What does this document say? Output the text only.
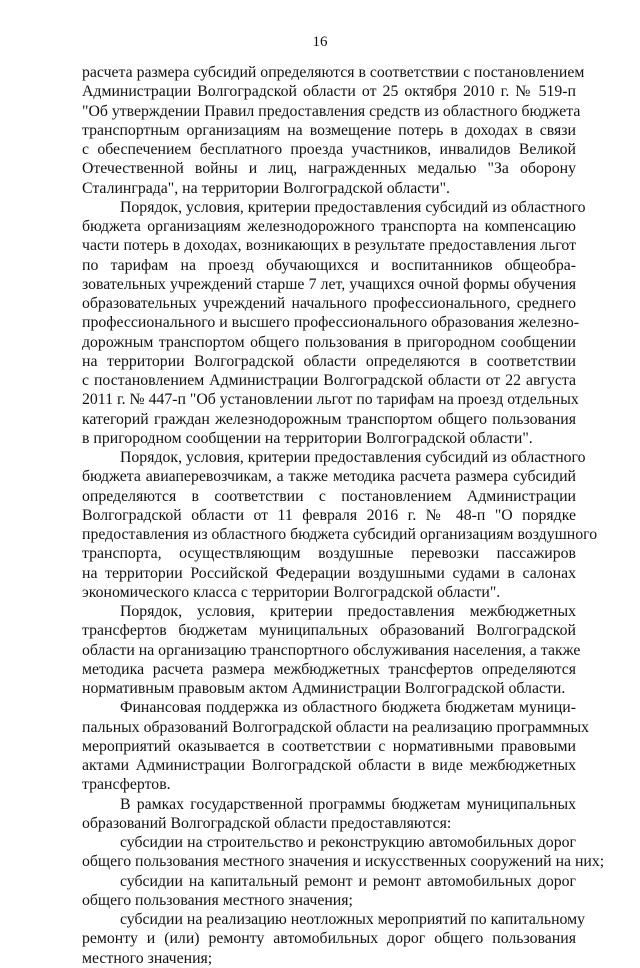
16
расчета размера субсидий определяются в соответствии с постановлением
Администрации Волгоградской области от 25 октября 2010 г. № 519-п
"Об утверждении Правил предоставления средств из областного бюджета
транспортным организациям на возмещение потерь в доходах в связи
с обеспечением бесплатного проезда участников, инвалидов Великой
Отечественной войны и лиц, награжденных медалью "За оборону
Сталинграда", на территории Волгоградской области".
Порядок, условия, критерии предоставления субсидий из областного
бюджета организациям железнодорожного транспорта на компенсацию
части потерь в доходах, возникающих в результате предоставления льгот
по тарифам на проезд обучающихся и воспитанников общеобра-
зовательных учреждений старше 7 лет, учащихся очной формы обучения
образовательных учреждений начального профессионального, среднего
профессионального и высшего профессионального образования железно-
дорожным транспортом общего пользования в пригородном сообщении
на территории Волгоградской области определяются в соответствии
с постановлением Администрации Волгоградской области от 22 августа
2011 г. № 447-п "Об установлении льгот по тарифам на проезд отдельных
категорий граждан железнодорожным транспортом общего пользования
в пригородном сообщении на территории Волгоградской области".
Порядок, условия, критерии предоставления субсидий из областного
бюджета авиаперевозчикам, а также методика расчета размера субсидий
определяются в соответствии с постановлением Администрации
Волгоградской области от 11 февраля 2016 г. № 48-п "О порядке
предоставления из областного бюджета субсидий организациям воздушного
транспорта, осуществляющим воздушные перевозки пассажиров
на территории Российской Федерации воздушными судами в салонах
экономического класса с территории Волгоградской области".
Порядок, условия, критерии предоставления межбюджетных
трансфертов бюджетам муниципальных образований Волгоградской
области на организацию транспортного обслуживания населения, а также
методика расчета размера межбюджетных трансфертов определяются
нормативным правовым актом Администрации Волгоградской области.
Финансовая поддержка из областного бюджета бюджетам муници-
пальных образований Волгоградской области на реализацию программных
мероприятий оказывается в соответствии с нормативными правовыми
актами Администрации Волгоградской области в виде межбюджетных
трансфертов.
В рамках государственной программы бюджетам муниципальных
образований Волгоградской области предоставляются:
субсидии на строительство и реконструкцию автомобильных дорог
общего пользования местного значения и искусственных сооружений на них;
субсидии на капитальный ремонт и ремонт автомобильных дорог
общего пользования местного значения;
субсидии на реализацию неотложных мероприятий по капитальному
ремонту и (или) ремонту автомобильных дорог общего пользования
местного значения;
